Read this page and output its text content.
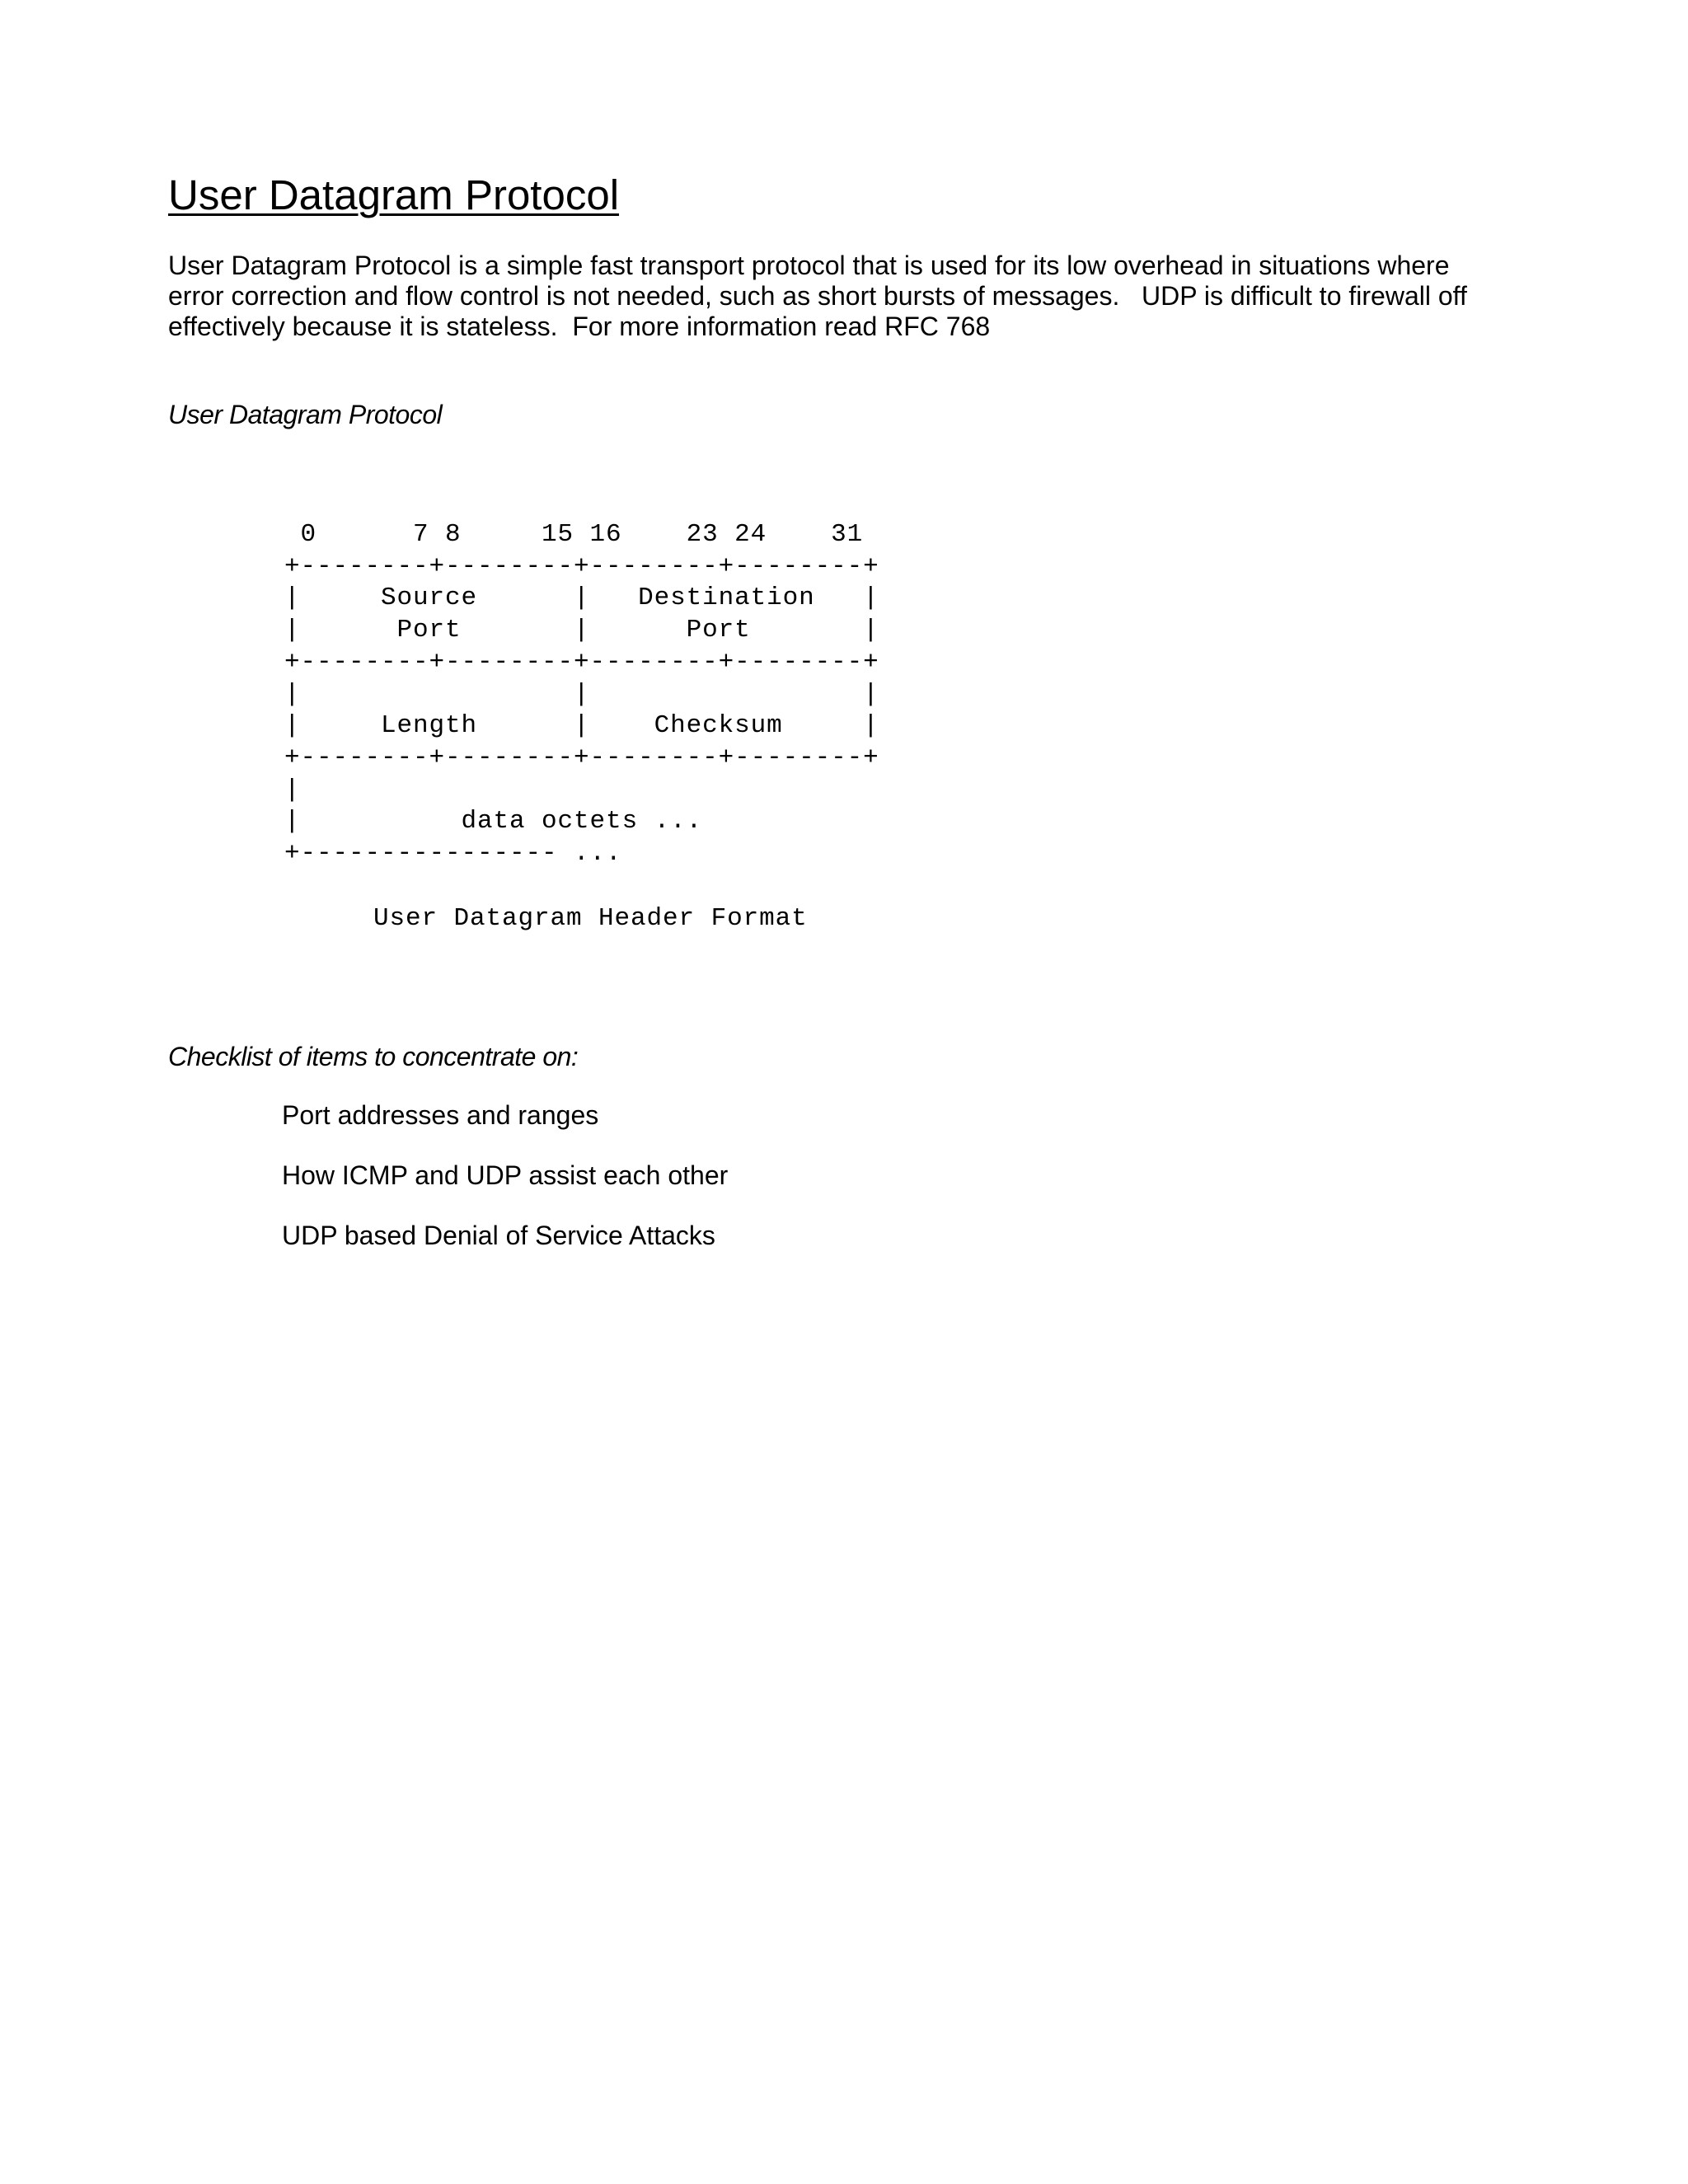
User Datagram Protocol

User Datagram Protocol is a simple fast transport protocol that is used for its low overhead in situations where
error correction and flow control is not needed, such as short bursts of messages.   UDP is difficult to firewall off
effectively because it is stateless.  For more information read RFC 768

User Datagram Protocol
0      7 8     15 16    23 24    31
+--------+--------+--------+--------+
|     Source      |   Destination   |
|      Port       |      Port       |
+--------+--------+--------+--------+
|                 |                 |
|     Length      |    Checksum     |
+--------+--------+--------+--------+
|
|          data octets ...
+---------------- ...
User Datagram Header Format
Checklist of items to concentrate on:
Port addresses and ranges
How ICMP and UDP assist each other
UDP based Denial of Service Attacks
